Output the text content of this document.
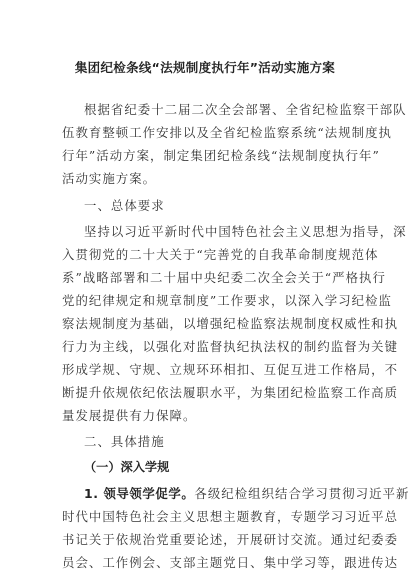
集团纪检条线“法规制度执行年”活动实施方案
根据省纪委十二届二次全会部署、全省纪检监察干部队
伍教育整顿工作安排以及全省纪检监察系统“法规制度执
行年”活动方案，制定集团纪检条线“法规制度执行年”
活动实施方案。
一、总体要求
坚持以习近平新时代中国特色社会主义思想为指导，深
入贯彻党的二十大关于“完善党的自我革命制度规范体
系”战略部署和二十届中央纪委二次全会关于“严格执行
党的纪律规定和规章制度”工作要求，以深入学习纪检监
察法规制度为基础，以增强纪检监察法规制度权威性和执
行力为主线，以强化对监督执纪执法权的制约监督为关键
形成学规、守规、立规环环相扣、互促互进工作格局，不
断提升依规依纪依法履职水平，为集团纪检监察工作高质
量发展提供有力保障。
二、具体措施
（一）深入学规
1. 领导领学促学。各级纪检组织结合学习贯彻习近平新
时代中国特色社会主义思想主题教育，专题学习习近平总
书记关于依规治党重要论述，开展研讨交流。通过纪委委
员会、工作例会、支部主题党日、集中学习等，跟进传达
